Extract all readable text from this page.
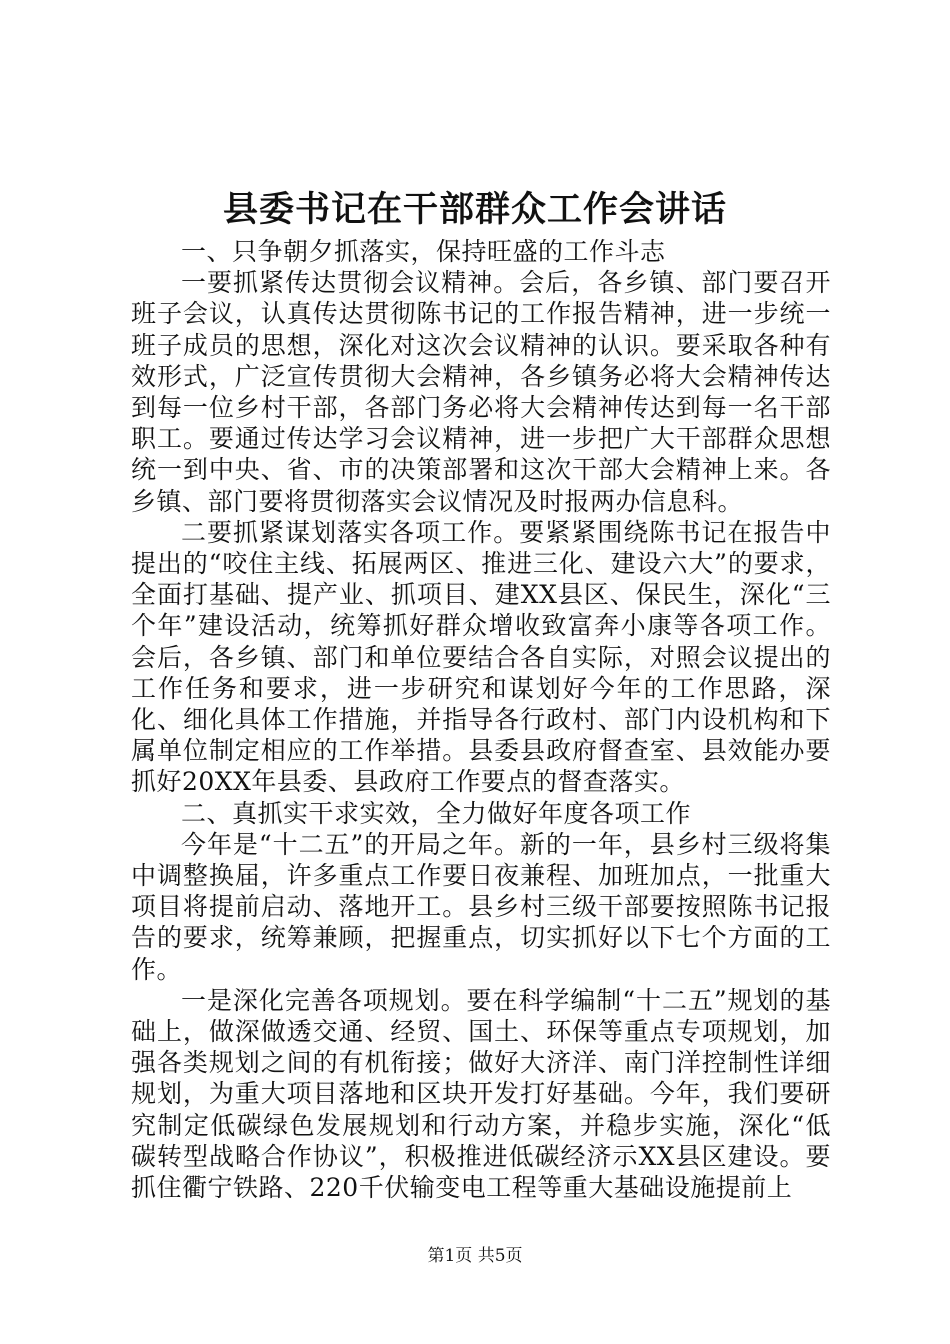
县委书记在干部群众工作会讲话

一、只争朝夕抓落实，保持旺盛的工作斗志

一要抓紧传达贯彻会议精神。会后，各乡镇、部门要召开班子会议，认真传达贯彻陈书记的工作报告精神，进一步统一班子成员的思想，深化对这次会议精神的认识。要采取各种有效形式，广泛宣传贯彻大会精神，各乡镇务必将大会精神传达到每一位乡村干部，各部门务必将大会精神传达到每一名干部职工。要通过传达学习会议精神，进一步把广大干部群众思想统一到中央、省、市的决策部署和这次干部大会精神上来。各乡镇、部门要将贯彻落实会议情况及时报两办信息科。

二要抓紧谋划落实各项工作。要紧紧围绕陈书记在报告中提出的“咬住主线、拓展两区、推进三化、建设六大”的要求，全面打基础、提产业、抓项目、建XX县区、保民生，深化“三个年”建设活动，统筹抓好群众增收致富奔小康等各项工作。会后，各乡镇、部门和单位要结合各自实际，对照会议提出的工作任务和要求，进一步研究和谋划好今年的工作思路，深化、细化具体工作措施，并指导各行政村、部门内设机构和下属单位制定相应的工作举措。县委县政府督查室、县效能办要抓好20XX年县委、县政府工作要点的督查落实。

二、真抓实干求实效，全力做好年度各项工作

今年是“十二五”的开局之年。新的一年，县乡村三级将集中调整换届，许多重点工作要日夜兼程、加班加点，一批重大项目将提前启动、落地开工。县乡村三级干部要按照陈书记报告的要求，统筹兼顾，把握重点，切实抓好以下七个方面的工作。

一是深化完善各项规划。要在科学编制“十二五”规划的基础上，做深做透交通、经贸、国土、环保等重点专项规划，加强各类规划之间的有机衔接；做好大济洋、南门洋控制性详细规划，为重大项目落地和区块开发打好基础。今年，我们要研究制定低碳绿色发展规划和行动方案，并稳步实施，深化“低碳转型战略合作协议”，积极推进低碳经济示XX县区建设。要抓住衢宁铁路、220千伏输变电工程等重大基础设施提前上

第1页 共5页
